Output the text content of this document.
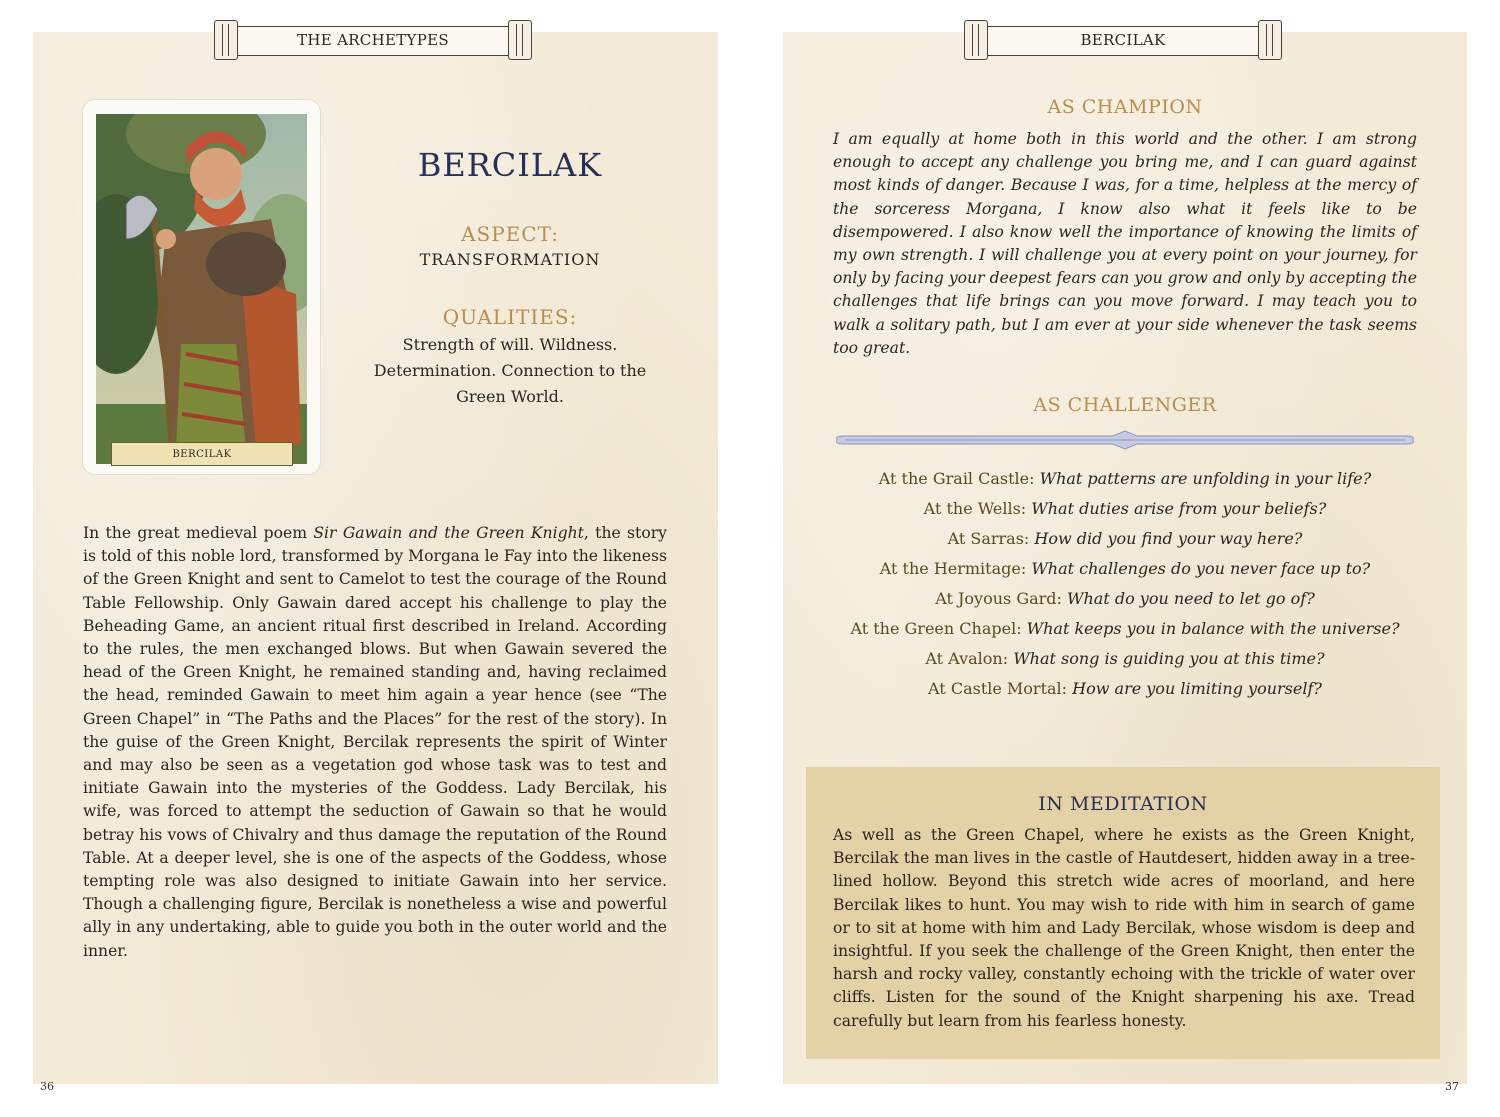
THE ARCHETYPES
BERCILAK
BERCILAK
ASPECT:
TRANSFORMATION
QUALITIES:
Strength of will. Wildness.
Determination. Connection to the
Green World.
In the great medieval poem Sir Gawain and the Green Knight, the story is told of this noble lord, transformed by Morgana le Fay into the likeness of the Green Knight and sent to Camelot to test the courage of the Round Table Fellowship. Only Gawain dared accept his challenge to play the Beheading Game, an ancient ritual first described in Ireland. According to the rules, the men exchanged blows. But when Gawain severed the head of the Green Knight, he remained standing and, having reclaimed the head, reminded Gawain to meet him again a year hence (see “The Green Chapel” in “The Paths and the Places” for the rest of the story). In the guise of the Green Knight, Bercilak represents the spirit of Winter and may also be seen as a vegetation god whose task was to test and initiate Gawain into the mysteries of the Goddess. Lady Bercilak, his wife, was forced to attempt the seduction of Gawain so that he would betray his vows of Chivalry and thus damage the reputation of the Round Table. At a deeper level, she is one of the aspects of the Goddess, whose tempting role was also designed to initiate Gawain into her service. Though a challenging figure, Bercilak is nonetheless a wise and powerful ally in any undertaking, able to guide you both in the outer world and the inner.
36
BERCILAK
AS CHAMPION
I am equally at home both in this world and the other. I am strong enough to accept any challenge you bring me, and I can guard against most kinds of danger. Because I was, for a time, helpless at the mercy of the sorceress Morgana, I know also what it feels like to be disempowered. I also know well the importance of knowing the limits of my own strength. I will challenge you at every point on your journey, for only by facing your deepest fears can you grow and only by accepting the challenges that life brings can you move forward. I may teach you to walk a solitary path, but I am ever at your side whenever the task seems too great.
AS CHALLENGER
At the Grail Castle: What patterns are unfolding in your life?
At the Wells: What duties arise from your beliefs?
At Sarras: How did you find your way here?
At the Hermitage: What challenges do you never face up to?
At Joyous Gard: What do you need to let go of?
At the Green Chapel: What keeps you in balance with the universe?
At Avalon: What song is guiding you at this time?
At Castle Mortal: How are you limiting yourself?
IN MEDITATION
As well as the Green Chapel, where he exists as the Green Knight, Bercilak the man lives in the castle of Hautdesert, hidden away in a tree-lined hollow. Beyond this stretch wide acres of moorland, and here Bercilak likes to hunt. You may wish to ride with him in search of game or to sit at home with him and Lady Bercilak, whose wisdom is deep and insightful. If you seek the challenge of the Green Knight, then enter the harsh and rocky valley, constantly echoing with the trickle of water over cliffs. Listen for the sound of the Knight sharpening his axe. Tread carefully but learn from his fearless honesty.
37
